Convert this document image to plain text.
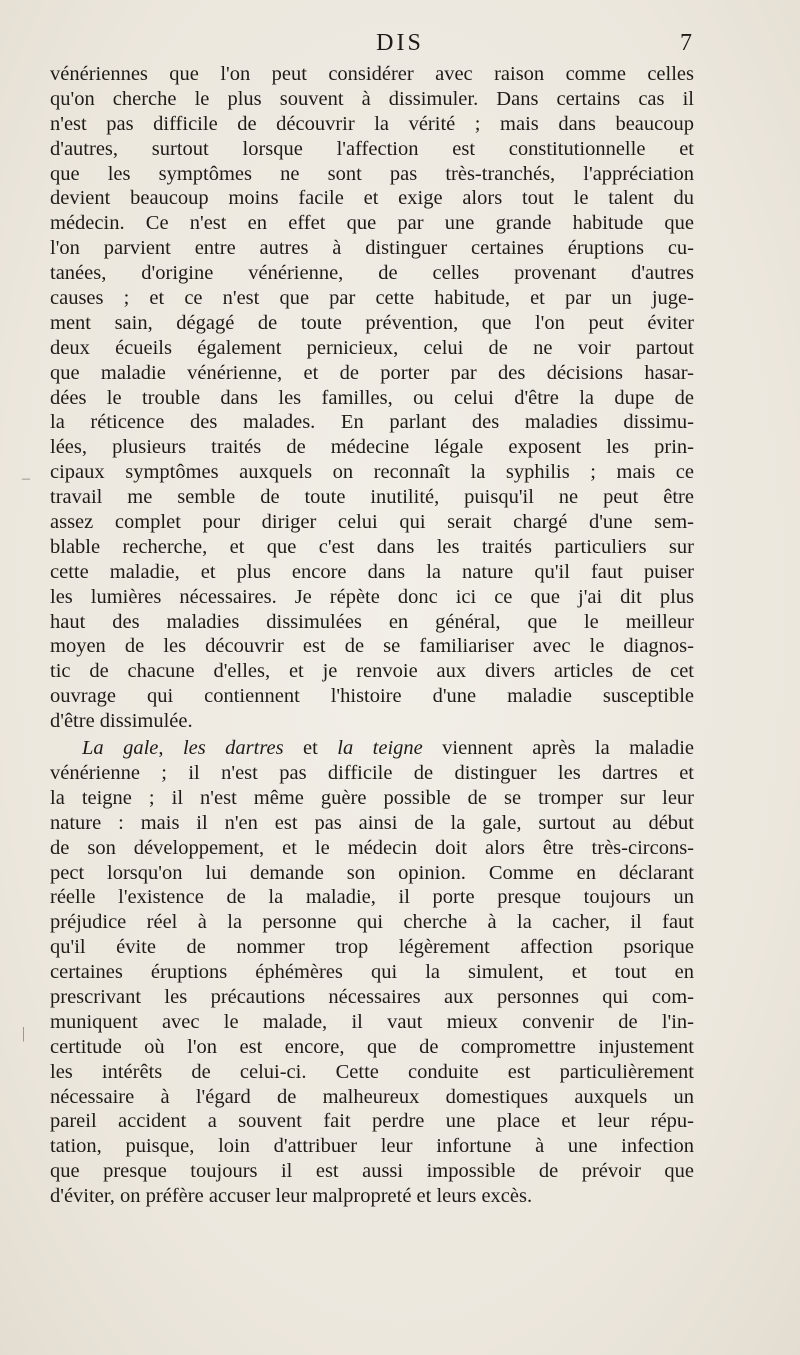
DIS	7
vénériennes que l'on peut considérer avec raison comme celles
qu'on cherche le plus souvent à dissimuler. Dans certains cas il
n'est pas difficile de découvrir la vérité ; mais dans beaucoup
d'autres, surtout lorsque l'affection est constitutionnelle et
que les symptômes ne sont pas très-tranchés, l'appréciation
devient beaucoup moins facile et exige alors tout le talent du
médecin. Ce n'est en effet que par une grande habitude que
l'on parvient entre autres à distinguer certaines éruptions cu-
tanées, d'origine vénérienne, de celles provenant d'autres
causes ; et ce n'est que par cette habitude, et par un juge-
ment sain, dégagé de toute prévention, que l'on peut éviter
deux écueils également pernicieux, celui de ne voir partout
que maladie vénérienne, et de porter par des décisions hasar-
dées le trouble dans les familles, ou celui d'être la dupe de
la réticence des malades. En parlant des maladies dissimu-
lées, plusieurs traités de médecine légale exposent les prin-
cipaux symptômes auxquels on reconnaît la syphilis ; mais ce
travail me semble de toute inutilité, puisqu'il ne peut être
assez complet pour diriger celui qui serait chargé d'une sem-
blable recherche, et que c'est dans les traités particuliers sur
cette maladie, et plus encore dans la nature qu'il faut puiser
les lumières nécessaires. Je répète donc ici ce que j'ai dit plus
haut des maladies dissimulées en général, que le meilleur
moyen de les découvrir est de se familiariser avec le diagnos-
tic de chacune d'elles, et je renvoie aux divers articles de cet
ouvrage qui contiennent l'histoire d'une maladie susceptible
d'être dissimulée.
La gale, les dartres et la teigne viennent après la maladie
vénérienne ; il n'est pas difficile de distinguer les dartres et
la teigne ; il n'est même guère possible de se tromper sur leur
nature : mais il n'en est pas ainsi de la gale, surtout au début
de son développement, et le médecin doit alors être très-circons-
pect lorsqu'on lui demande son opinion. Comme en déclarant
réelle l'existence de la maladie, il porte presque toujours un
préjudice réel à la personne qui cherche à la cacher, il faut
qu'il évite de nommer trop légèrement affection psorique
certaines éruptions éphémères qui la simulent, et tout en
prescrivant les précautions nécessaires aux personnes qui com-
muniquent avec le malade, il vaut mieux convenir de l'in-
certitude où l'on est encore, que de compromettre injustement
les intérêts de celui-ci. Cette conduite est particulièrement
nécessaire à l'égard de malheureux domestiques auxquels un
pareil accident a souvent fait perdre une place et leur répu-
tation, puisque, loin d'attribuer leur infortune à une infection
que presque toujours il est aussi impossible de prévoir que
d'éviter, on préfère accuser leur malpropreté et leurs excès.
–
|
